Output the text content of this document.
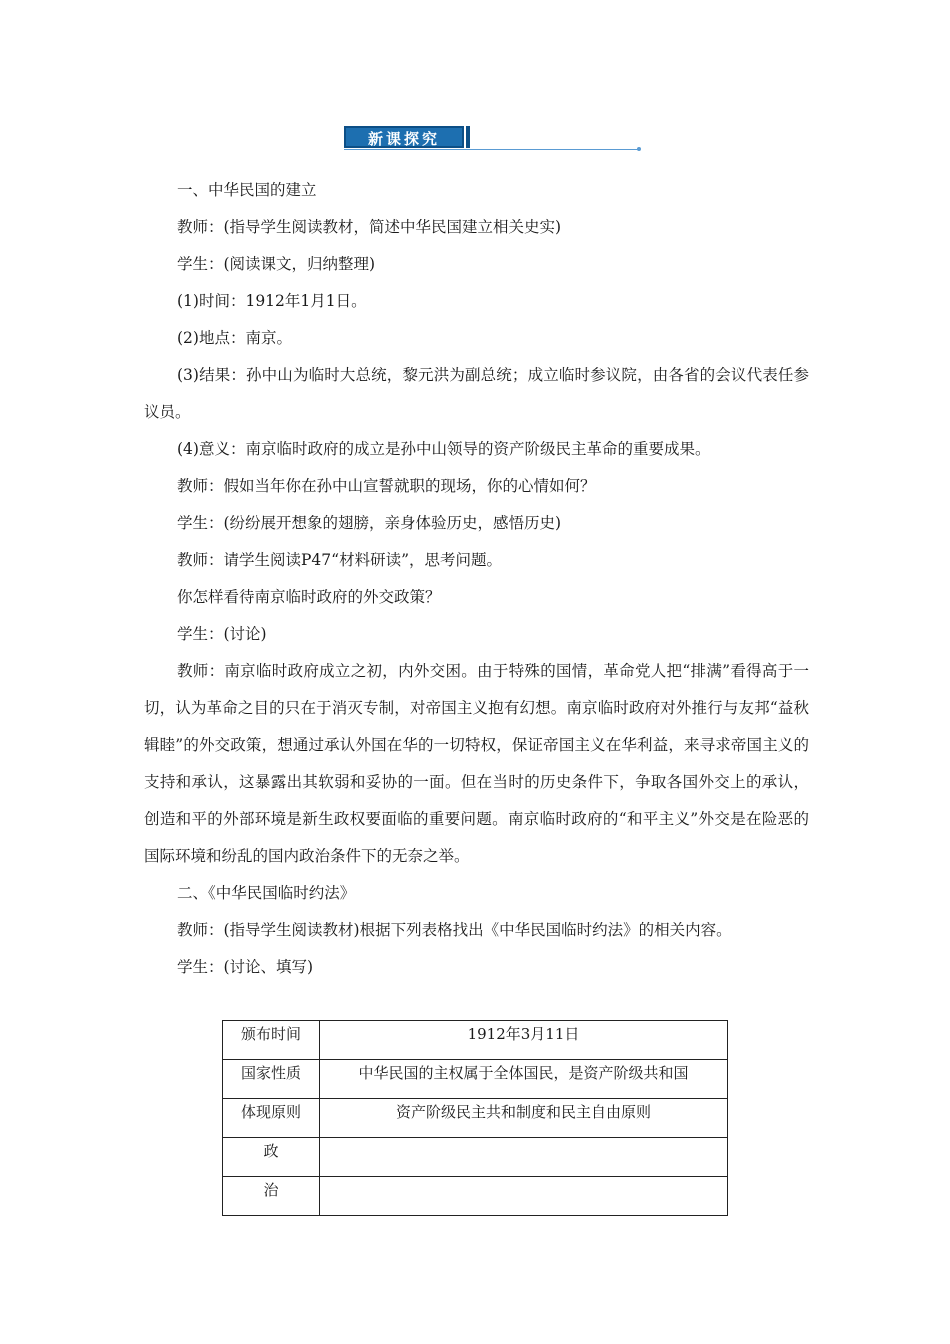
新课探究

一、中华民国的建立

教师：(指导学生阅读教材，简述中华民国建立相关史实)

学生：(阅读课文，归纳整理)

(1)时间：1912年1月1日。

(2)地点：南京。

(3)结果：孙中山为临时大总统，黎元洪为副总统；成立临时参议院，由各省的会议代表任参议员。

(4)意义：南京临时政府的成立是孙中山领导的资产阶级民主革命的重要成果。

教师：假如当年你在孙中山宣誓就职的现场，你的心情如何？

学生：(纷纷展开想象的翅膀，亲身体验历史，感悟历史)

教师：请学生阅读P47“材料研读”，思考问题。

你怎样看待南京临时政府的外交政策？

学生：(讨论)

教师：南京临时政府成立之初，内外交困。由于特殊的国情，革命党人把“排满”看得高于一切，认为革命之目的只在于消灭专制，对帝国主义抱有幻想。南京临时政府对外推行与友邦“益秋辑睦”的外交政策，想通过承认外国在华的一切特权，保证帝国主义在华利益，来寻求帝国主义的支持和承认，这暴露出其软弱和妥协的一面。但在当时的历史条件下，争取各国外交上的承认，创造和平的外部环境是新生政权要面临的重要问题。南京临时政府的“和平主义”外交是在险恶的国际环境和纷乱的国内政治条件下的无奈之举。

二、《中华民国临时约法》

教师：(指导学生阅读教材)根据下列表格找出《中华民国临时约法》的相关内容。

学生：(讨论、填写)

颁布时间	1912年3月11日
国家性质	中华民国的主权属于全体国民，是资产阶级共和国
体现原则	资产阶级民主共和制度和民主自由原则
政	
治	
